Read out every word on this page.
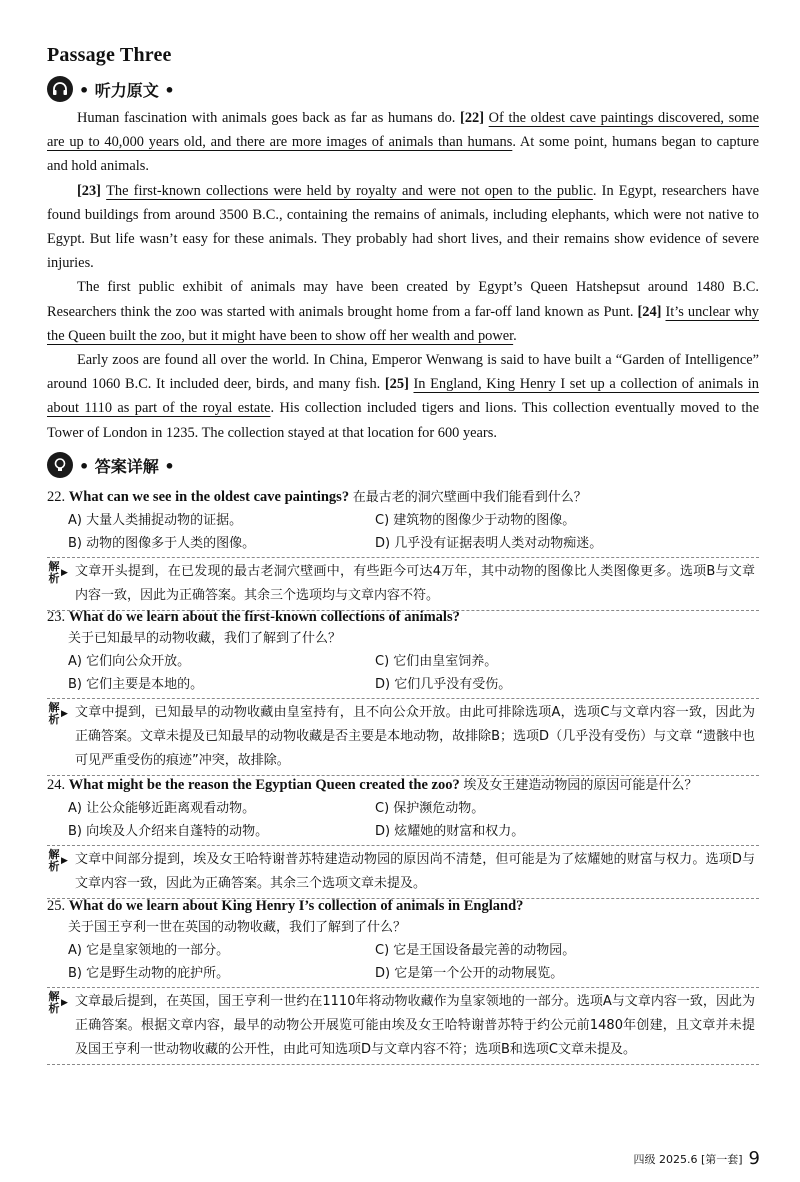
Passage Three
• 听力原文 •

Human fascination with animals goes back as far as humans do. [22] Of the oldest cave paintings discovered, some are up to 40,000 years old, and there are more images of animals than humans. At some point, humans began to capture and hold animals.

[23] The first-known collections were held by royalty and were not open to the public. In Egypt, researchers have found buildings from around 3500 B.C., containing the remains of animals, including elephants, which were not native to Egypt. But life wasn’t easy for these animals. They probably had short lives, and their remains show evidence of severe injuries.

The first public exhibit of animals may have been created by Egypt’s Queen Hatshepsut around 1480 B.C. Researchers think the zoo was started with animals brought home from a far-off land known as Punt. [24] It’s unclear why the Queen built the zoo, but it might have been to show off her wealth and power.

Early zoos are found all over the world. In China, Emperor Wenwang is said to have built a “Garden of Intelligence” around 1060 B.C. It included deer, birds, and many fish. [25] In England, King Henry I set up a collection of animals in about 1110 as part of the royal estate. His collection included tigers and lions. This collection eventually moved to the Tower of London in 1235. The collection stayed at that location for 600 years.

• 答案详解 •
22. What can we see in the oldest cave paintings? 在最古老的洞穴壁画中我们能看到什么？
A) 大量人类捕捉动物的证据。	C) 建筑物的图像少于动物的图像。
B) 动物的图像多于人类的图像。	D) 几乎没有证据表明人类对动物痴迷。
解
析 ▶ 文章开头提到，在已发现的最古老洞穴壁画中，有些距今可达4万年，其中动物的图像比人类图像更多。选项B与文章内容一致，因此为正确答案。其余三个选项均与文章内容不符。
23. What do we learn about the first-known collections of animals?
关于已知最早的动物收藏，我们了解到了什么？
A) 它们向公众开放。	C) 它们由皇室饲养。
B) 它们主要是本地的。	D) 它们几乎没有受伤。
解
析 ▶ 文章中提到，已知最早的动物收藏由皇室持有，且不向公众开放。由此可排除选项A，选项C与文章内容一致，因此为正确答案。文章未提及已知最早的动物收藏是否主要是本地动物，故排除B；选项D（几乎没有受伤）与文章 “遗骸中也可见严重受伤的痕迹”冲突，故排除。
24. What might be the reason the Egyptian Queen created the zoo? 埃及女王建造动物园的原因可能是什么？
A) 让公众能够近距离观看动物。	C) 保护濒危动物。
B) 向埃及人介绍来自蓬特的动物。	D) 炫耀她的财富和权力。
解
析 ▶ 文章中间部分提到，埃及女王哈特谢普苏特建造动物园的原因尚不清楚，但可能是为了炫耀她的财富与权力。选项D与文章内容一致，因此为正确答案。其余三个选项文章未提及。
25. What do we learn about King Henry I’s collection of animals in England?
关于国王亨利一世在英国的动物收藏，我们了解到了什么？
A) 它是皇家领地的一部分。	C) 它是王国设备最完善的动物园。
B) 它是野生动物的庇护所。	D) 它是第一个公开的动物展览。
解
析 ▶ 文章最后提到，在英国，国王亨利一世约在1110年将动物收藏作为皇家领地的一部分。选项A与文章内容一致，因此为正确答案。根据文章内容，最早的动物公开展览可能由埃及女王哈特谢普苏特于约公元前1480年创建，且文章并未提及国王亨利一世动物收藏的公开性，由此可知选项D与文章内容不符；选项B和选项C文章未提及。
四级 2025.6 [第一套] 9
